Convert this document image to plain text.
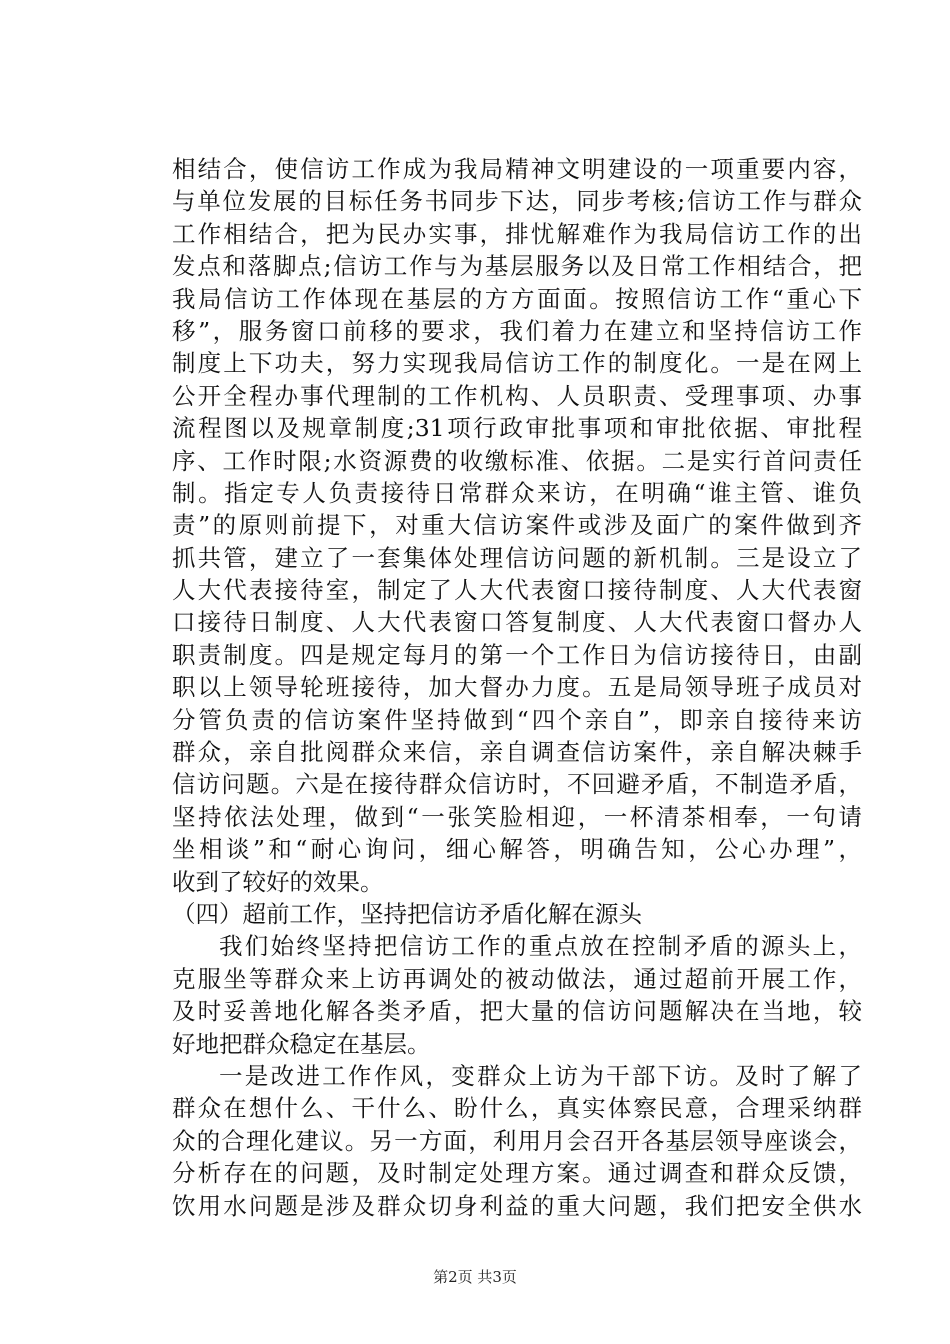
相结合，使信访工作成为我局精神文明建设的一项重要内容，
与单位发展的目标任务书同步下达，同步考核;信访工作与群众
工作相结合，把为民办实事，排忧解难作为我局信访工作的出
发点和落脚点;信访工作与为基层服务以及日常工作相结合，把
我局信访工作体现在基层的方方面面。按照信访工作“重心下
移”，服务窗口前移的要求，我们着力在建立和坚持信访工作
制度上下功夫，努力实现我局信访工作的制度化。一是在网上
公开全程办事代理制的工作机构、人员职责、受理事项、办事
流程图以及规章制度;31项行政审批事项和审批依据、审批程
序、工作时限;水资源费的收缴标准、依据。二是实行首问责任
制。指定专人负责接待日常群众来访，在明确“谁主管、谁负
责”的原则前提下，对重大信访案件或涉及面广的案件做到齐
抓共管，建立了一套集体处理信访问题的新机制。三是设立了
人大代表接待室，制定了人大代表窗口接待制度、人大代表窗
口接待日制度、人大代表窗口答复制度、人大代表窗口督办人
职责制度。四是规定每月的第一个工作日为信访接待日，由副
职以上领导轮班接待，加大督办力度。五是局领导班子成员对
分管负责的信访案件坚持做到“四个亲自”，即亲自接待来访
群众，亲自批阅群众来信，亲自调查信访案件，亲自解决棘手
信访问题。六是在接待群众信访时，不回避矛盾，不制造矛盾，
坚持依法处理，做到“一张笑脸相迎，一杯清茶相奉，一句请
坐相谈”和“耐心询问，细心解答，明确告知，公心办理”，
收到了较好的效果。
（四）超前工作，坚持把信访矛盾化解在源头
我们始终坚持把信访工作的重点放在控制矛盾的源头上，
克服坐等群众来上访再调处的被动做法，通过超前开展工作，
及时妥善地化解各类矛盾，把大量的信访问题解决在当地，较
好地把群众稳定在基层。
一是改进工作作风，变群众上访为干部下访。及时了解了
群众在想什么、干什么、盼什么，真实体察民意，合理采纳群
众的合理化建议。另一方面，利用月会召开各基层领导座谈会，
分析存在的问题，及时制定处理方案。通过调查和群众反馈，
饮用水问题是涉及群众切身利益的重大问题，我们把安全供水
第2页 共3页
